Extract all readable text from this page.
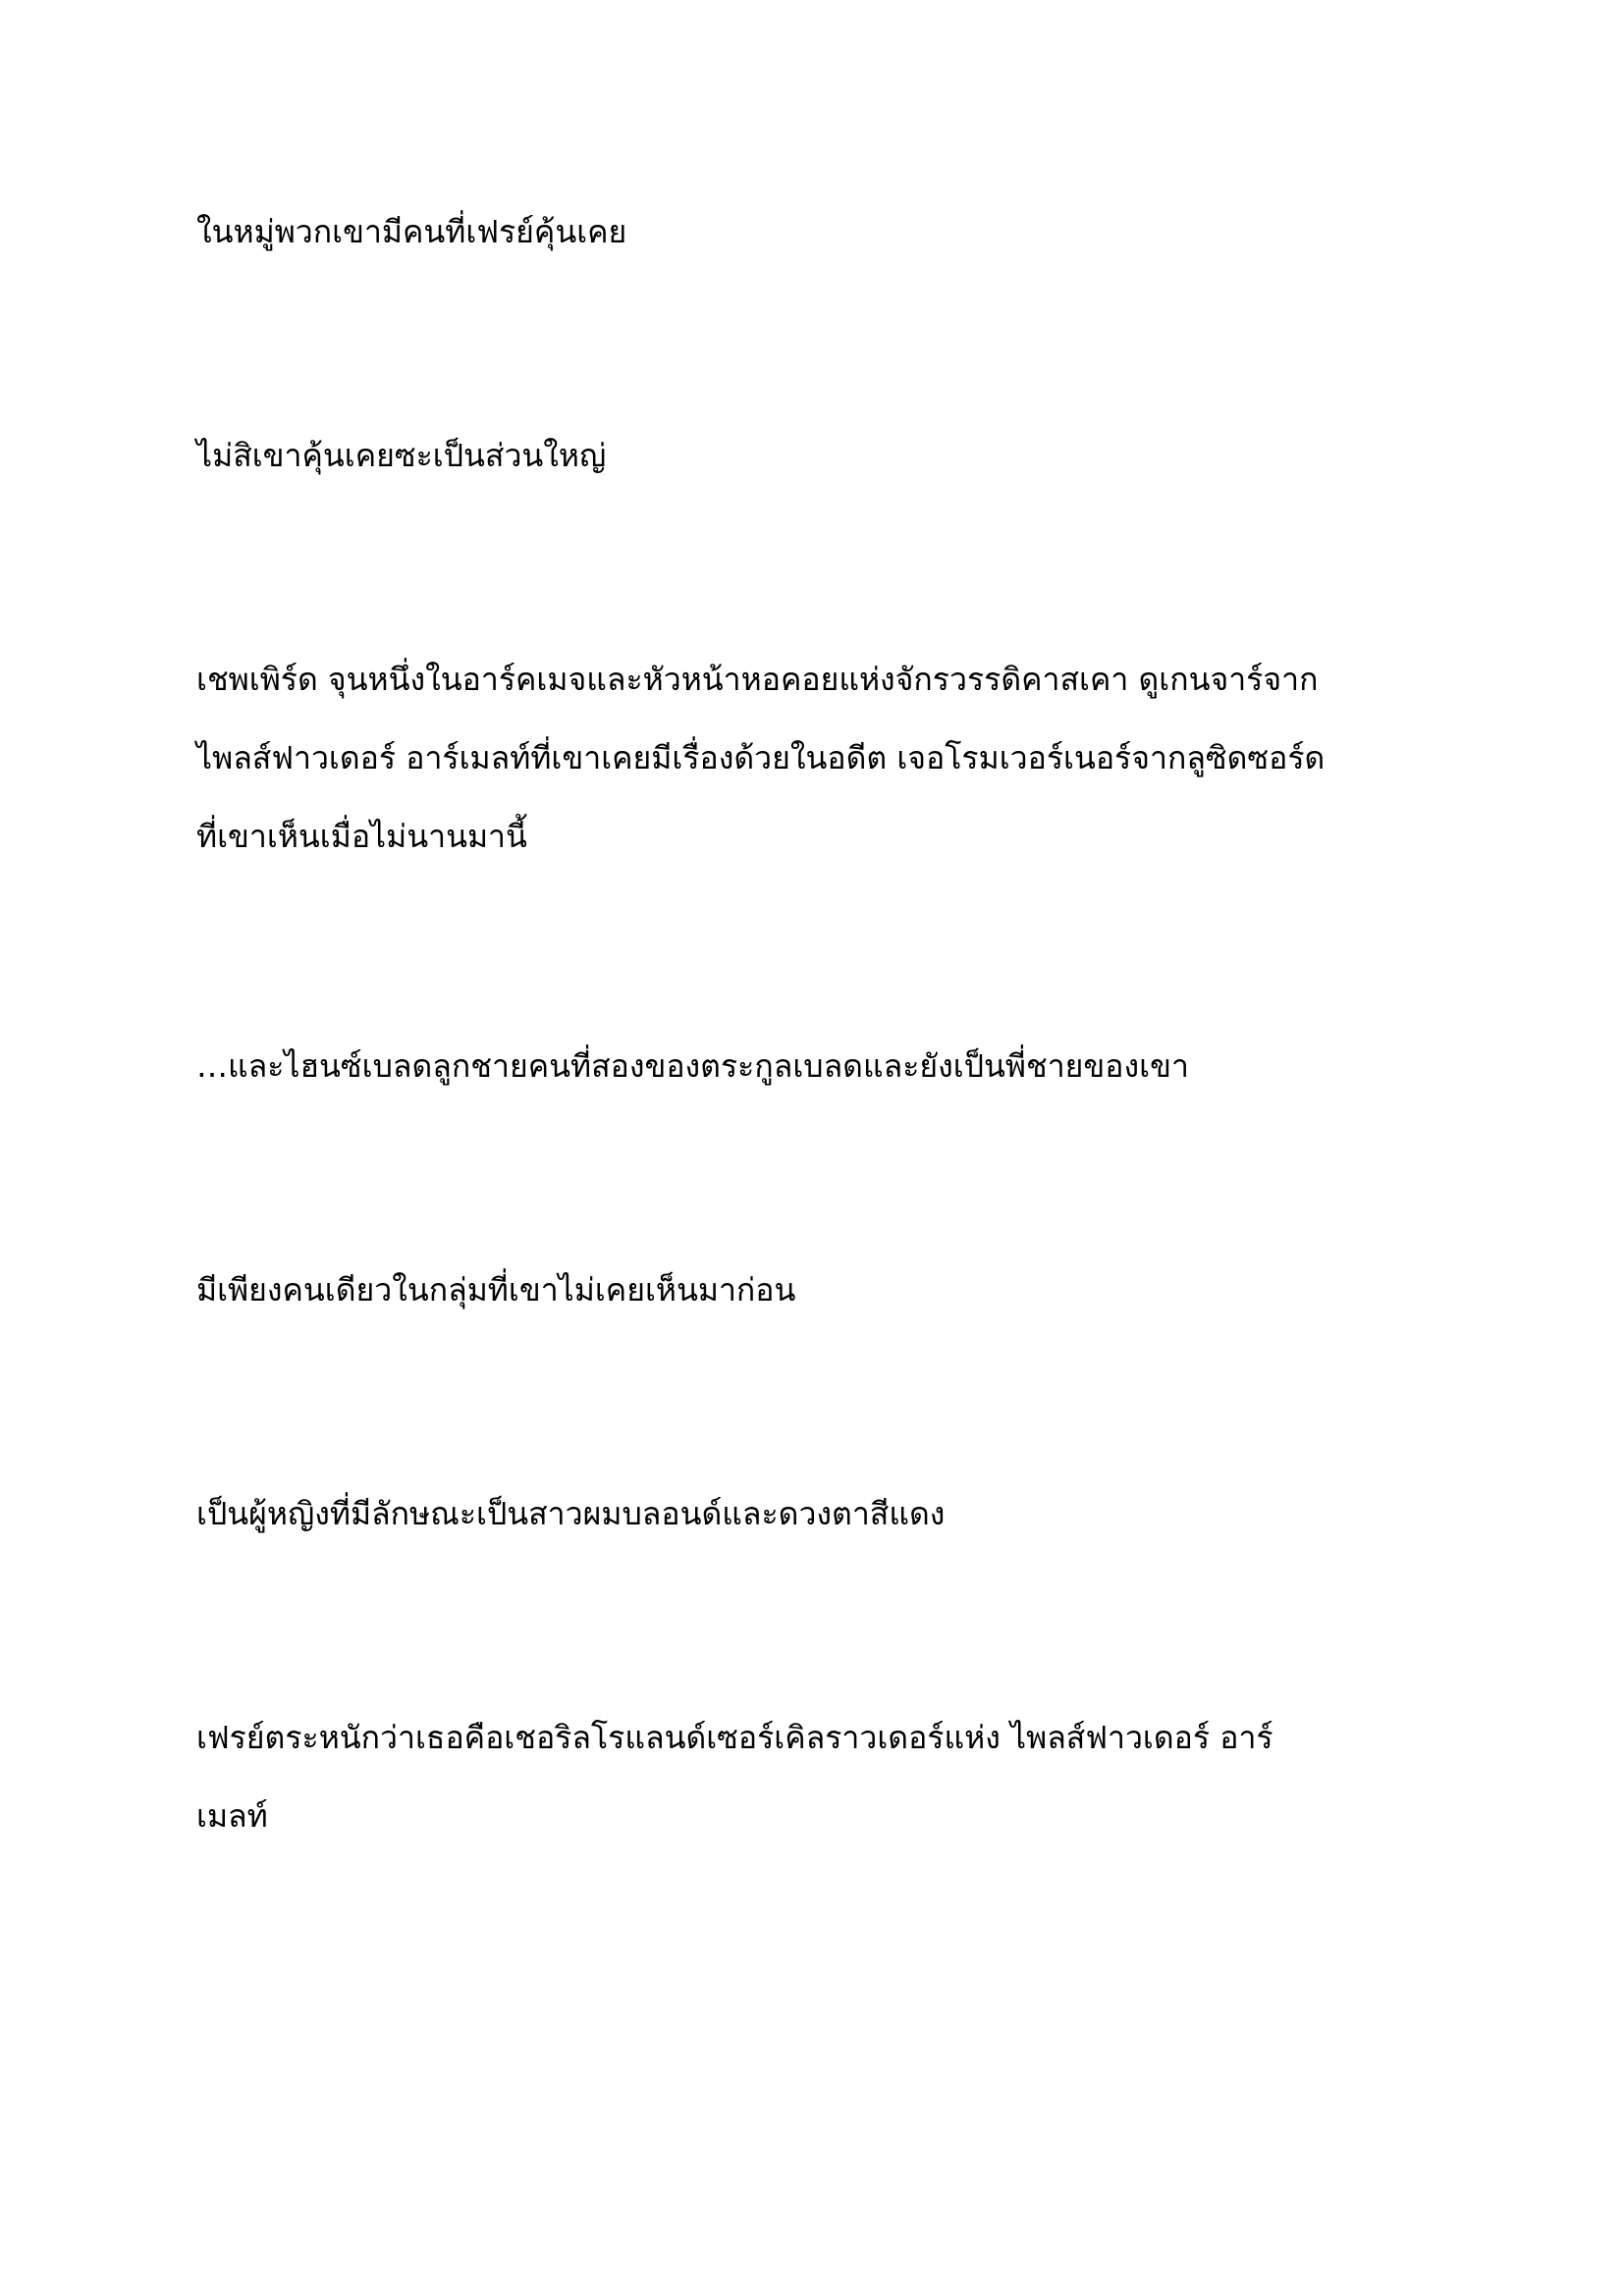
ในหมู่พวกเขามีคนที่เฟรย์คุ้นเคย

ไม่สิเขาคุ้นเคยซะเป็นส่วนใหญ่

เชพเพิร์ด จุนหนึ่งในอาร์คเมจและหัวหน้าหอคอยแห่งจักรวรรดิคาสเคา ดูเกนจาร์จาก
ไพลส์ฟาวเดอร์ อาร์เมลท์ที่เขาเคยมีเรื่องด้วยในอดีต เจอโรมเวอร์เนอร์จากลูซิดซอร์ด
ที่เขาเห็นเมื่อไม่นานมานี้

…และไฮนซ์เบลดลูกชายคนที่สองของตระกูลเบลดและยังเป็นพี่ชายของเขา

มีเพียงคนเดียวในกลุ่มที่เขาไม่เคยเห็นมาก่อน

เป็นผู้หญิงที่มีลักษณะเป็นสาวผมบลอนด์และดวงตาสีแดง

เฟรย์ตระหนักว่าเธอคือเชอริลโรแลนด์เซอร์เคิลราวเดอร์แห่ง ไพลส์ฟาวเดอร์ อาร์
เมลท์
